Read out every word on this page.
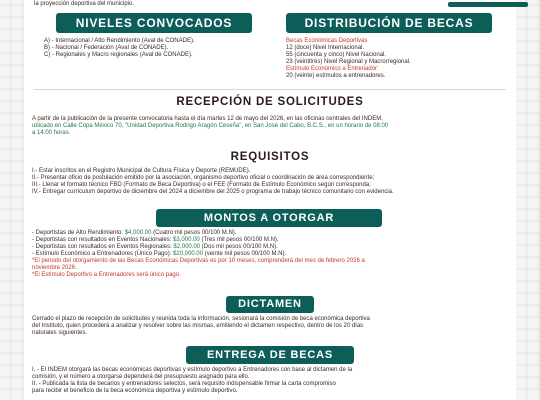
la proyección deportiva del municipio.
NIVELES CONVOCADOS

A) - Internacional / Alto Rendimiento (Aval de CONADE).

B) - Nacional / Federación (Aval de CONADE).

C) - Regionales y Macro regionales (Aval de CONADE).

DISTRIBUCIÓN DE BECAS

Becas Económicas Deportivas

12 (doce) Nivel Internacional.

55 (cincuenta y cinco) Nivel Nacional.

23 (veintitrés) Nivel Regional y Macrorregional.

Estímulo Económico a Entrenador:

20 (veinte) estímulos a entrenadores.

RECEPCIÓN DE SOLICITUDES

A partir de la publicación de la presente convocatoria hasta el día martes 12 de mayo del 2026, en las oficinas centrales del INDEM,

ubicado en Calle Copa México 70, "Unidad Deportiva Rodrigo Aragón Ceseña", en San José del Cabo, B.C.S., en un horario de 08:00

a 14:00 horas.

REQUISITOS

I.- Estar inscritos en el Registro Municipal de Cultura Física y Deporte (REMUDE).

II.- Presentar oficio de postulación emitido por la asociación, organismo deportivo oficial o coordinación de área correspondiente;

III.- Llenar el formato técnico FBD (Formato de Beca Deportiva) o el FEE (Formato de Estímulo Económico según corresponda;

IV.- Entregar currículum deportivo de diciembre del 2024 a diciembre del 2025 o programa de trabajo técnico comunitario con evidencia.

MONTOS A OTORGAR

- Deportistas de Alto Rendimiento: $4,000.00 (Cuatro mil pesos 00/100 M.N).

- Deportistas con resultados en Eventos Nacionales: $3,000.00 (Tres mil pesos 00/100 M.N).

- Deportistas con resultados en Eventos Regionales: $2,000.00 (Dos mil pesos 00/100 M.N).

- Estímulo Económico a Entrenadores (Único Pago): $20,000.00 (veinte mil pesos 00/100 M.N).

*El periodo del otorgamiento de las Becas Económicas Deportivas es por 10 meses, comprenderá del mes de febrero 2026 a

noviembre 2026.

*El Estímulo Deportivo a Entrenadores será único pago.

DICTAMEN

Cerrado el plazo de recepción de solicitudes y reunida toda la información, sesionará la comisión de beca económica deportiva

del Instituto, quien procederá a analizar y resolver sobre las mismas, emitiendo el dictamen respectivo, dentro de los 20 días

naturales siguientes.

ENTREGA DE BECAS

I. - El INDEM otorgará las becas económicas deportivas y estímulo deportivo a Entrenadores con base al dictamen de la

comisión, y el número a otorgarse dependerá del presupuesto asignado para ello.

II. - Publicada la lista de becarios y entrenadores selectos, será requisito indispensable firmar la carta compromiso

para recibir el beneficio de la beca económica deportiva y estímulo deportivo.
